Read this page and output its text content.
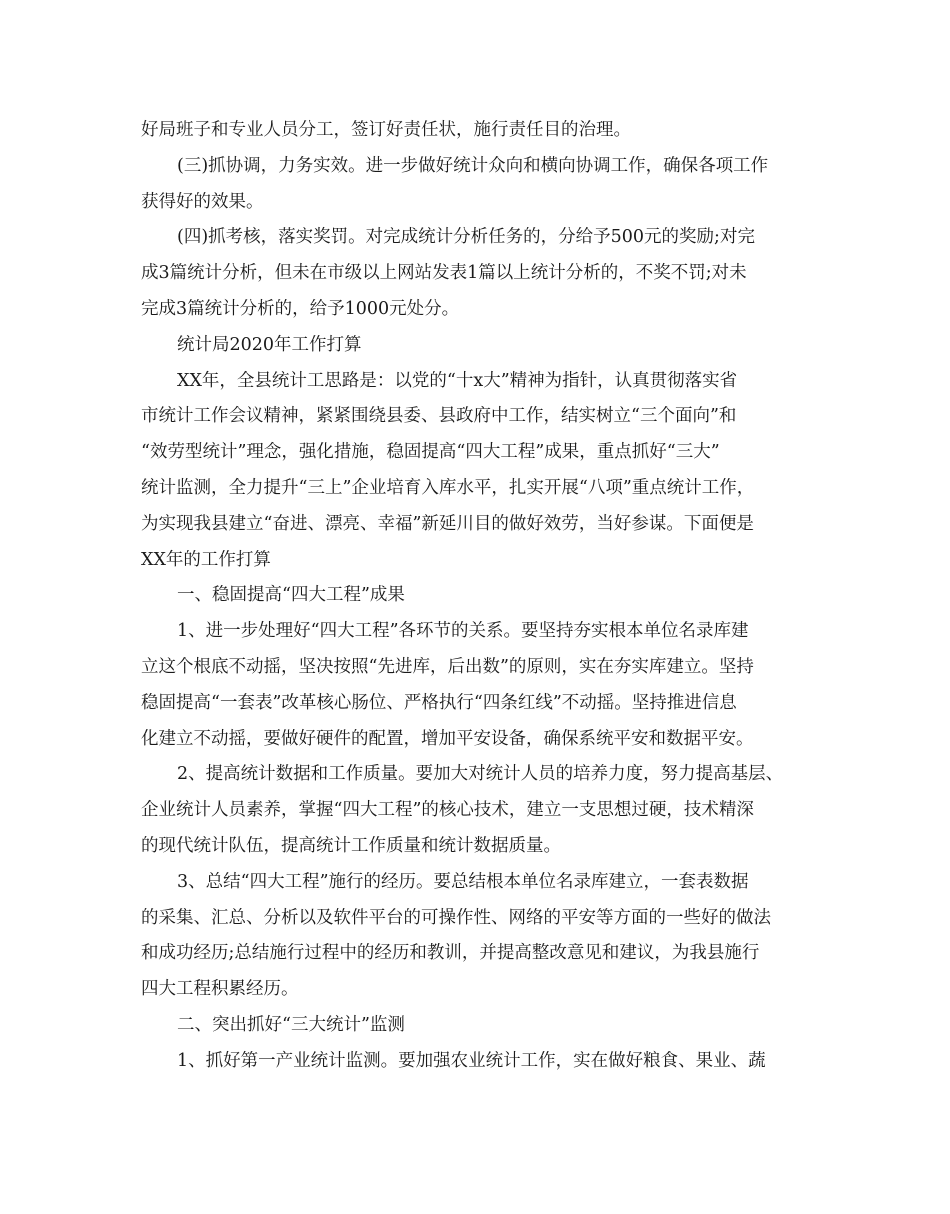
好局班子和专业人员分工，签订好责任状，施行责任目的治理。
(三)抓协调，力务实效。进一步做好统计众向和横向协调工作，确保各项工作
获得好的效果。
(四)抓考核，落实奖罚。对完成统计分析任务的，分给予500元的奖励;对完
成3篇统计分析，但未在市级以上网站发表1篇以上统计分析的，不奖不罚;对未
完成3篇统计分析的，给予1000元处分。
统计局2020年工作打算
XX年，全县统计工思路是：以党的“十x大”精神为指针，认真贯彻落实省
市统计工作会议精神，紧紧围绕县委、县政府中工作，结实树立“三个面向”和
“效劳型统计”理念，强化措施，稳固提高“四大工程”成果，重点抓好“三大”
统计监测，全力提升“三上”企业培育入库水平，扎实开展“八项”重点统计工作，
为实现我县建立“奋进、漂亮、幸福”新延川目的做好效劳，当好参谋。下面便是
XX年的工作打算
一、稳固提高“四大工程”成果
1、进一步处理好“四大工程”各环节的关系。要坚持夯实根本单位名录库建
立这个根底不动摇，坚决按照“先进库，后出数”的原则，实在夯实库建立。坚持
稳固提高“一套表”改革核心肠位、严格执行“四条红线”不动摇。坚持推进信息
化建立不动摇，要做好硬件的配置，增加平安设备，确保系统平安和数据平安。
2、提高统计数据和工作质量。要加大对统计人员的培养力度，努力提高基层、
企业统计人员素养，掌握“四大工程”的核心技术，建立一支思想过硬，技术精深
的现代统计队伍，提高统计工作质量和统计数据质量。
3、总结“四大工程”施行的经历。要总结根本单位名录库建立，一套表数据
的采集、汇总、分析以及软件平台的可操作性、网络的平安等方面的一些好的做法
和成功经历;总结施行过程中的经历和教训，并提高整改意见和建议，为我县施行
四大工程积累经历。
二、突出抓好“三大统计”监测
1、抓好第一产业统计监测。要加强农业统计工作，实在做好粮食、果业、蔬
